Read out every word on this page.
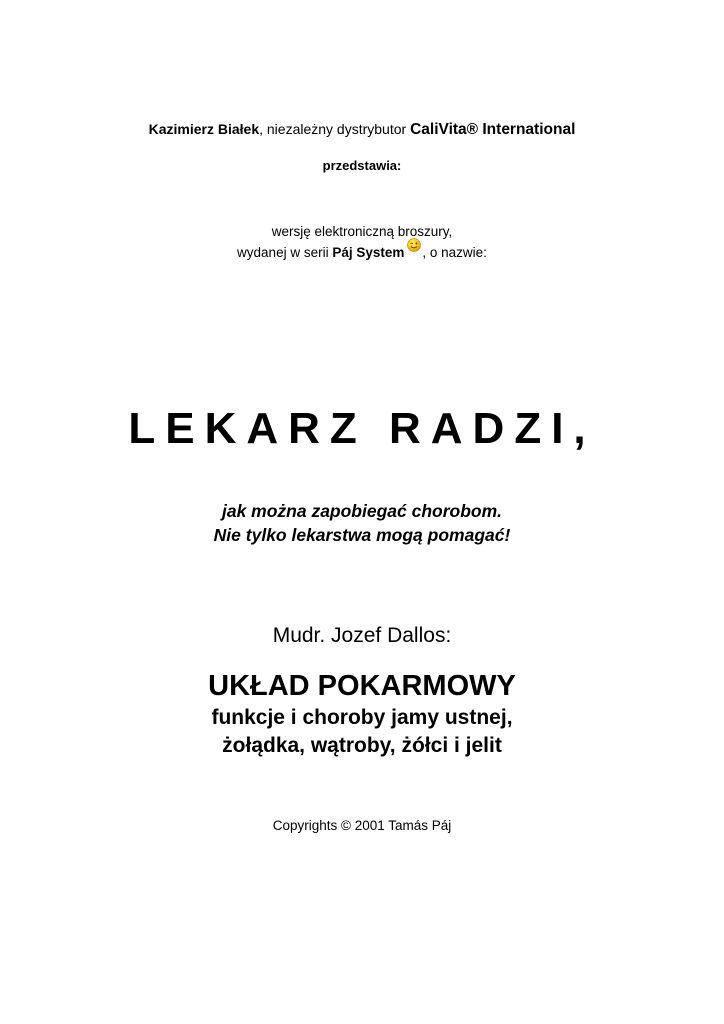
Kazimierz Białek, niezależny dystrybutor CaliVita® International
przedstawia:
wersję elektroniczną broszury,
wydanej w serii Páj System , o nazwie:
LEKARZ RADZI,
jak można zapobiegać chorobom.
Nie tylko lekarstwa mogą pomagać!
Mudr. Jozef Dallos:
UKŁAD POKARMOWY
funkcje i choroby jamy ustnej,
żołądka, wątroby, żółci i jelit
Copyrights © 2001 Tamás Páj
